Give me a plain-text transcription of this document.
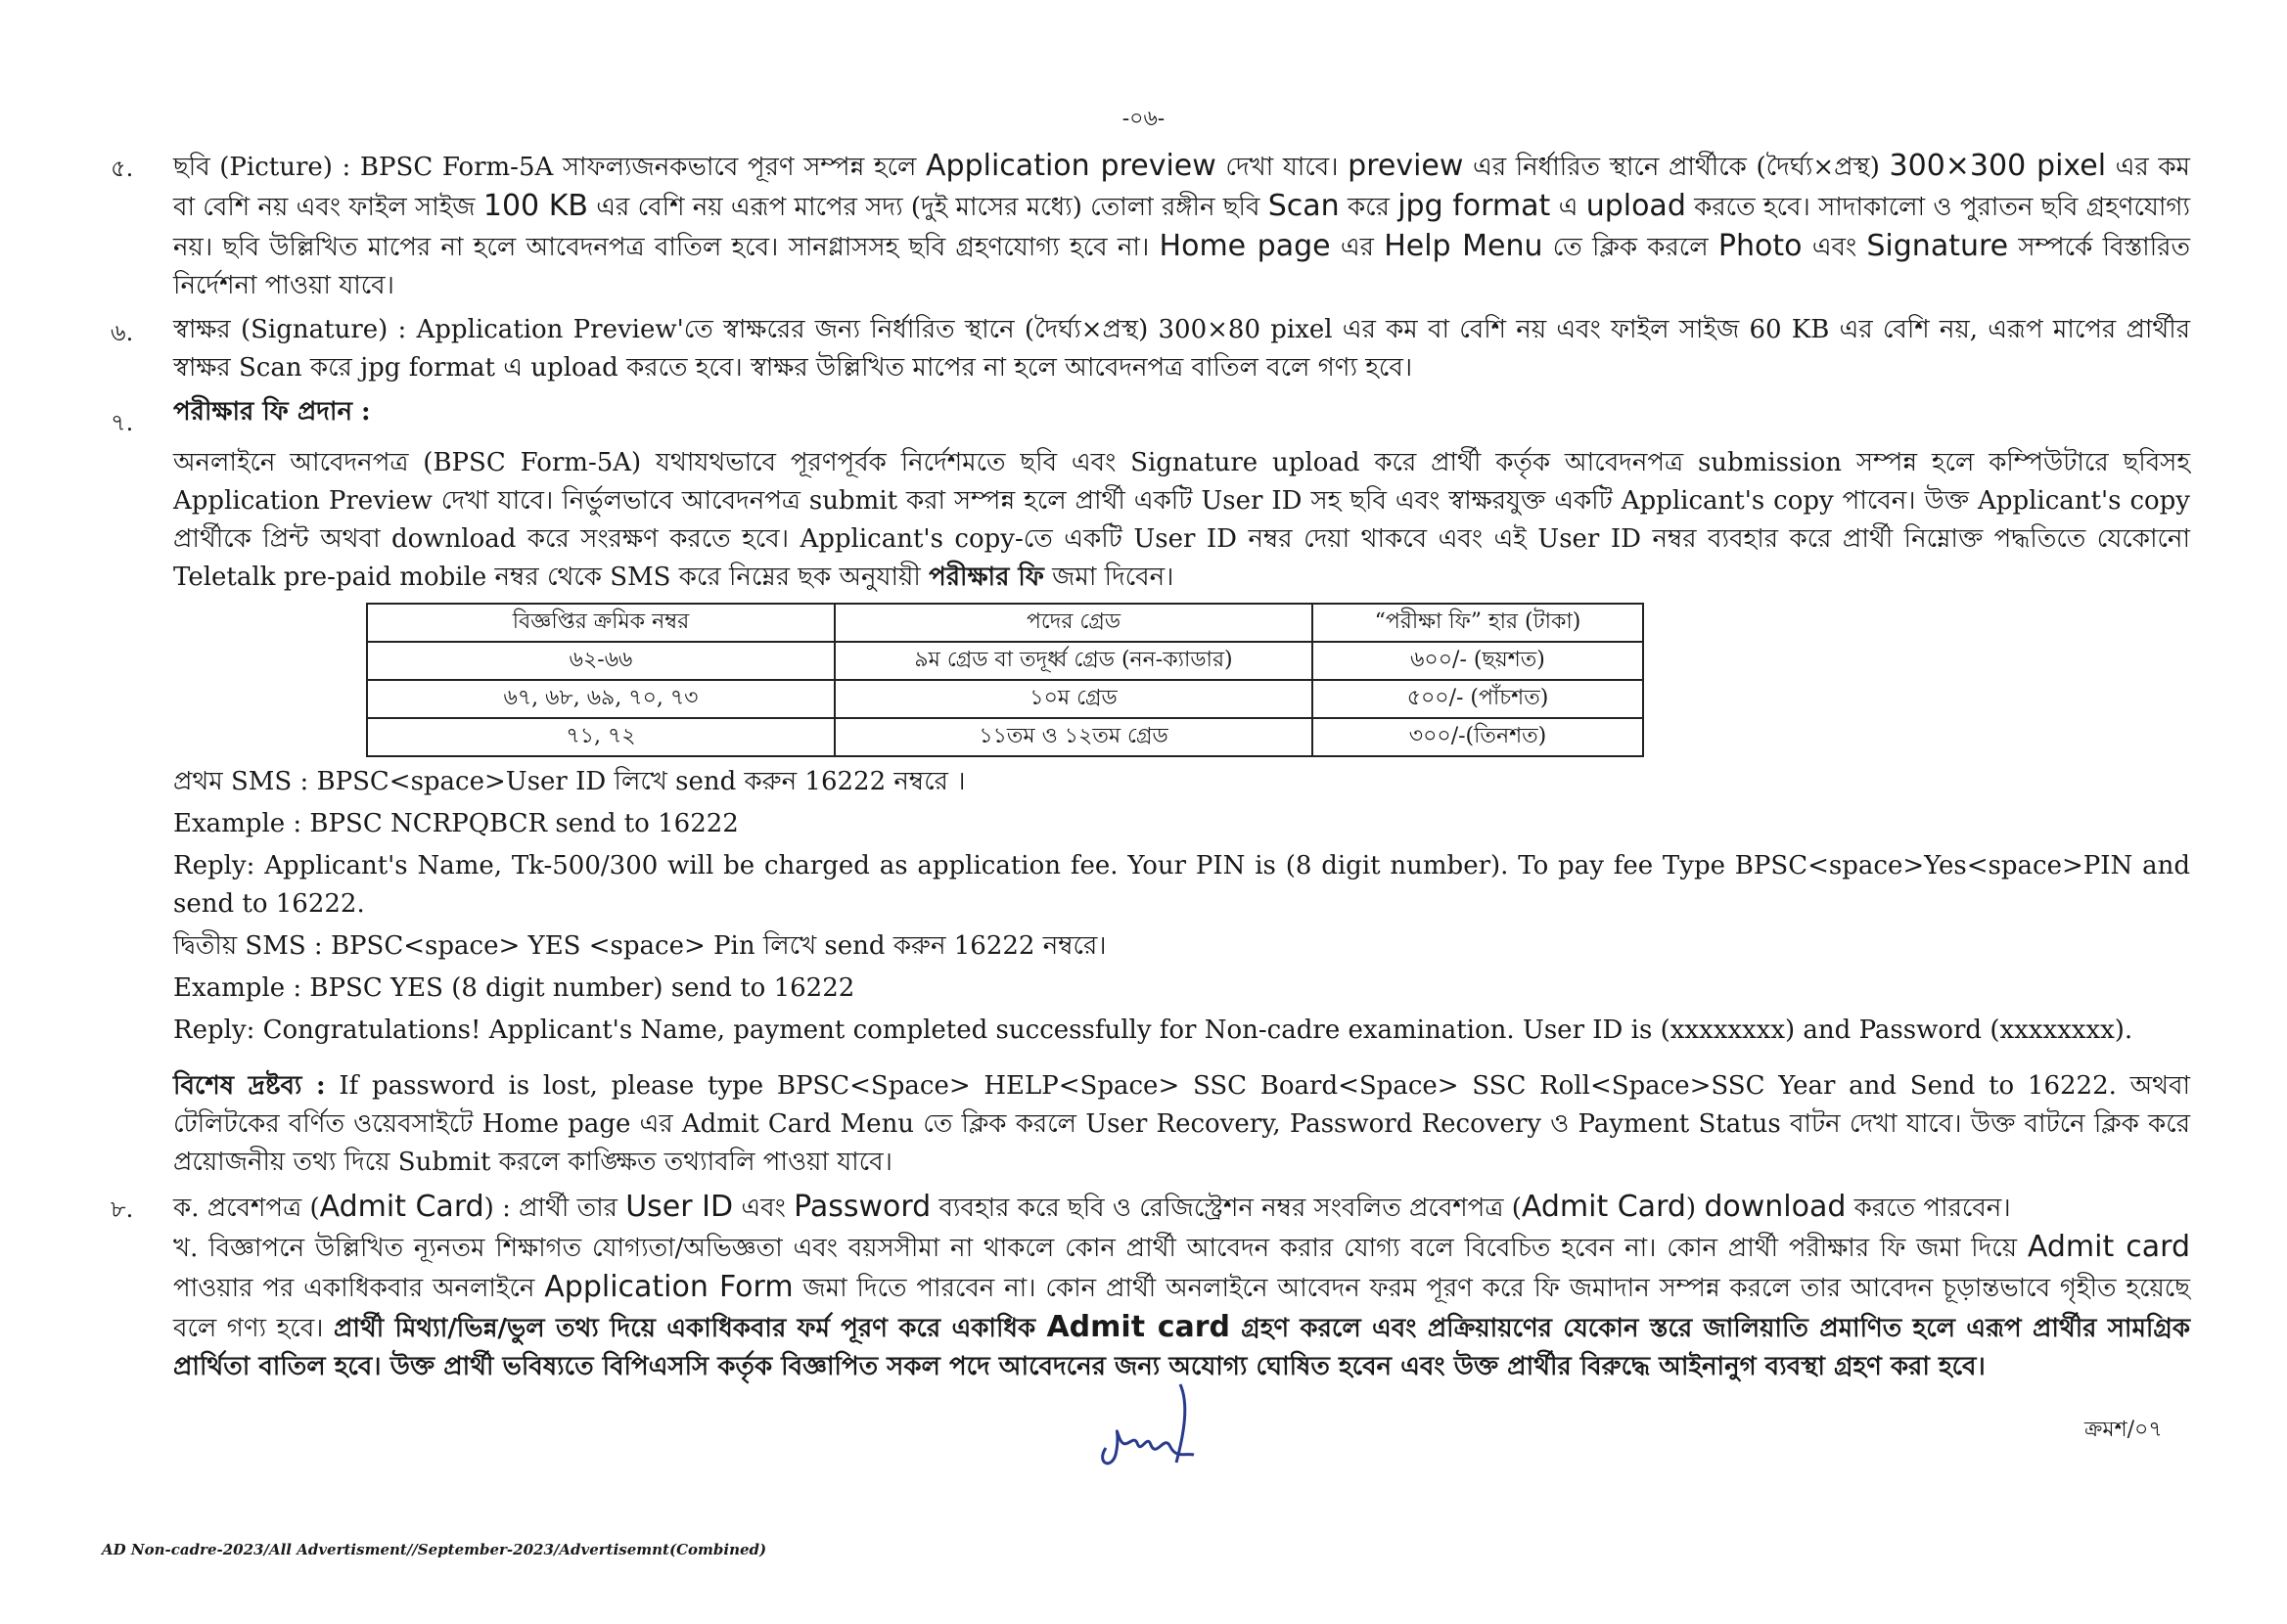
-০৬-
৫.	ছবি (Picture) : BPSC Form-5A সাফল্যজনকভাবে পূরণ সম্পন্ন হলে Application preview দেখা যাবে। preview এর নির্ধারিত স্থানে প্রার্থীকে (দৈর্ঘ্য×প্রস্থ) 300×300 pixel এর কম বা বেশি নয় এবং ফাইল সাইজ 100 KB এর বেশি নয় এরূপ মাপের সদ্য (দুই মাসের মধ্যে) তোলা রঙ্গীন ছবি Scan করে jpg format এ upload করতে হবে। সাদাকালো ও পুরাতন ছবি গ্রহণযোগ্য নয়। ছবি উল্লিখিত মাপের না হলে আবেদনপত্র বাতিল হবে। সানগ্লাসসহ ছবি গ্রহণযোগ্য হবে না। Home page এর Help Menu তে ক্লিক করলে Photo এবং Signature সম্পর্কে বিস্তারিত নির্দেশনা পাওয়া যাবে।

৬.	স্বাক্ষর (Signature) : Application Preview'তে স্বাক্ষরের জন্য নির্ধারিত স্থানে (দৈর্ঘ্য×প্রস্থ) 300×80 pixel এর কম বা বেশি নয় এবং ফাইল সাইজ 60 KB এর বেশি নয়, এরূপ মাপের প্রার্থীর স্বাক্ষর Scan করে jpg format এ upload করতে হবে। স্বাক্ষর উল্লিখিত মাপের না হলে আবেদনপত্র বাতিল বলে গণ্য হবে।

৭.	পরীক্ষার ফি প্রদান :

অনলাইনে আবেদনপত্র (BPSC Form-5A) যথাযথভাবে পূরণপূর্বক নির্দেশমতে ছবি এবং Signature upload করে প্রার্থী কর্তৃক আবেদনপত্র submission সম্পন্ন হলে কম্পিউটারে ছবিসহ Application Preview দেখা যাবে। নির্ভুলভাবে আবেদনপত্র submit করা সম্পন্ন হলে প্রার্থী একটি User ID সহ ছবি এবং স্বাক্ষরযুক্ত একটি Applicant's copy পাবেন। উক্ত Applicant's copy প্রার্থীকে প্রিন্ট অথবা download করে সংরক্ষণ করতে হবে। Applicant's copy-তে একটি User ID নম্বর দেয়া থাকবে এবং এই User ID নম্বর ব্যবহার করে প্রার্থী নিম্নোক্ত পদ্ধতিতে যেকোনো Teletalk pre-paid mobile নম্বর থেকে SMS করে নিম্নের ছক অনুযায়ী পরীক্ষার ফি জমা দিবেন।

বিজ্ঞপ্তির ক্রমিক নম্বর	পদের গ্রেড	“পরীক্ষা ফি” হার (টাকা)
৬২-৬৬	৯ম গ্রেড বা তদূর্ধ্ব গ্রেড (নন-ক্যাডার)	৬০০/- (ছয়শত)
৬৭, ৬৮, ৬৯, ৭০, ৭৩	১০ম গ্রেড	৫০০/- (পাঁচশত)
৭১, ৭২	১১তম ও ১২তম গ্রেড	৩০০/-(তিনশত)

প্রথম SMS : BPSC<space>User ID লিখে send করুন 16222 নম্বরে ।

Example : BPSC NCRPQBCR send to 16222

Reply: Applicant's Name, Tk-500/300 will be charged as application fee. Your PIN is (8 digit number). To pay fee Type BPSC<space>Yes<space>PIN and send to 16222.

দ্বিতীয় SMS : BPSC<space> YES <space> Pin লিখে send করুন 16222 নম্বরে।

Example : BPSC YES (8 digit number) send to 16222

Reply: Congratulations! Applicant's Name, payment completed successfully for Non-cadre examination. User ID is (xxxxxxxx) and Password (xxxxxxxx).

বিশেষ দ্রষ্টব্য : If password is lost, please type BPSC<Space> HELP<Space> SSC Board<Space> SSC Roll<Space>SSC Year and Send to 16222. অথবা টেলিটকের বর্ণিত ওয়েবসাইটে Home page এর Admit Card Menu তে ক্লিক করলে User Recovery, Password Recovery ও Payment Status বাটন দেখা যাবে। উক্ত বাটনে ক্লিক করে প্রয়োজনীয় তথ্য দিয়ে Submit করলে কাঙ্ক্ষিত তথ্যাবলি পাওয়া যাবে।

৮.	ক. প্রবেশপত্র (Admit Card) : প্রার্থী তার User ID এবং Password ব্যবহার করে ছবি ও রেজিস্ট্রেশন নম্বর সংবলিত প্রবেশপত্র (Admit Card) download করতে পারবেন।

খ. বিজ্ঞাপনে উল্লিখিত ন্যূনতম শিক্ষাগত যোগ্যতা/অভিজ্ঞতা এবং বয়সসীমা না থাকলে কোন প্রার্থী আবেদন করার যোগ্য বলে বিবেচিত হবেন না। কোন প্রার্থী পরীক্ষার ফি জমা দিয়ে Admit card পাওয়ার পর একাধিকবার অনলাইনে Application Form জমা দিতে পারবেন না। কোন প্রার্থী অনলাইনে আবেদন ফরম পূরণ করে ফি জমাদান সম্পন্ন করলে তার আবেদন চূড়ান্তভাবে গৃহীত হয়েছে বলে গণ্য হবে। প্রার্থী মিথ্যা/ভিন্ন/ভুল তথ্য দিয়ে একাধিকবার ফর্ম পূরণ করে একাধিক Admit card গ্রহণ করলে এবং প্রক্রিয়ায়ণের যেকোন স্তরে জালিয়াতি প্রমাণিত হলে এরূপ প্রার্থীর সামগ্রিক প্রার্থিতা বাতিল হবে। উক্ত প্রার্থী ভবিষ্যতে বিপিএসসি কর্তৃক বিজ্ঞাপিত সকল পদে আবেদনের জন্য অযোগ্য ঘোষিত হবেন এবং উক্ত প্রার্থীর বিরুদ্ধে আইনানুগ ব্যবস্থা গ্রহণ করা হবে।

ক্রমশ/০৭
AD Non-cadre-2023/All Advertisment//September-2023/Advertisemnt(Combined)
